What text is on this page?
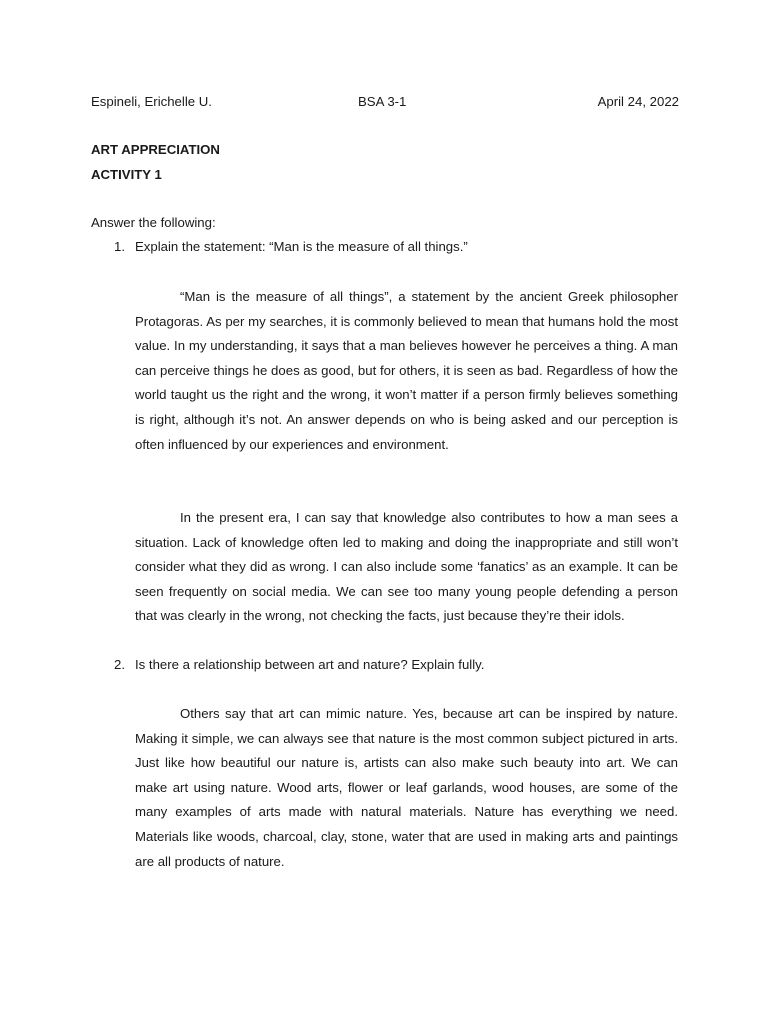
Espineli, Erichelle U.	BSA 3-1	April 24, 2022
ART APPRECIATION
ACTIVITY 1
Answer the following:
1. Explain the statement: “Man is the measure of all things.”

“Man is the measure of all things”, a statement by the ancient Greek philosopher Protagoras. As per my searches, it is commonly believed to mean that humans hold the most value. In my understanding, it says that a man believes however he perceives a thing. A man can perceive things he does as good, but for others, it is seen as bad. Regardless of how the world taught us the right and the wrong, it won’t matter if a person firmly believes something is right, although it’s not. An answer depends on who is being asked and our perception is often influenced by our experiences and environment.

In the present era, I can say that knowledge also contributes to how a man sees a situation. Lack of knowledge often led to making and doing the inappropriate and still won’t consider what they did as wrong. I can also include some ‘fanatics’ as an example. It can be seen frequently on social media. We can see too many young people defending a person that was clearly in the wrong, not checking the facts, just because they’re their idols.

2. Is there a relationship between art and nature? Explain fully.

Others say that art can mimic nature. Yes, because art can be inspired by nature. Making it simple, we can always see that nature is the most common subject pictured in arts. Just like how beautiful our nature is, artists can also make such beauty into art. We can make art using nature. Wood arts, flower or leaf garlands, wood houses, are some of the many examples of arts made with natural materials. Nature has everything we need. Materials like woods, charcoal, clay, stone, water that are used in making arts and paintings are all products of nature.
